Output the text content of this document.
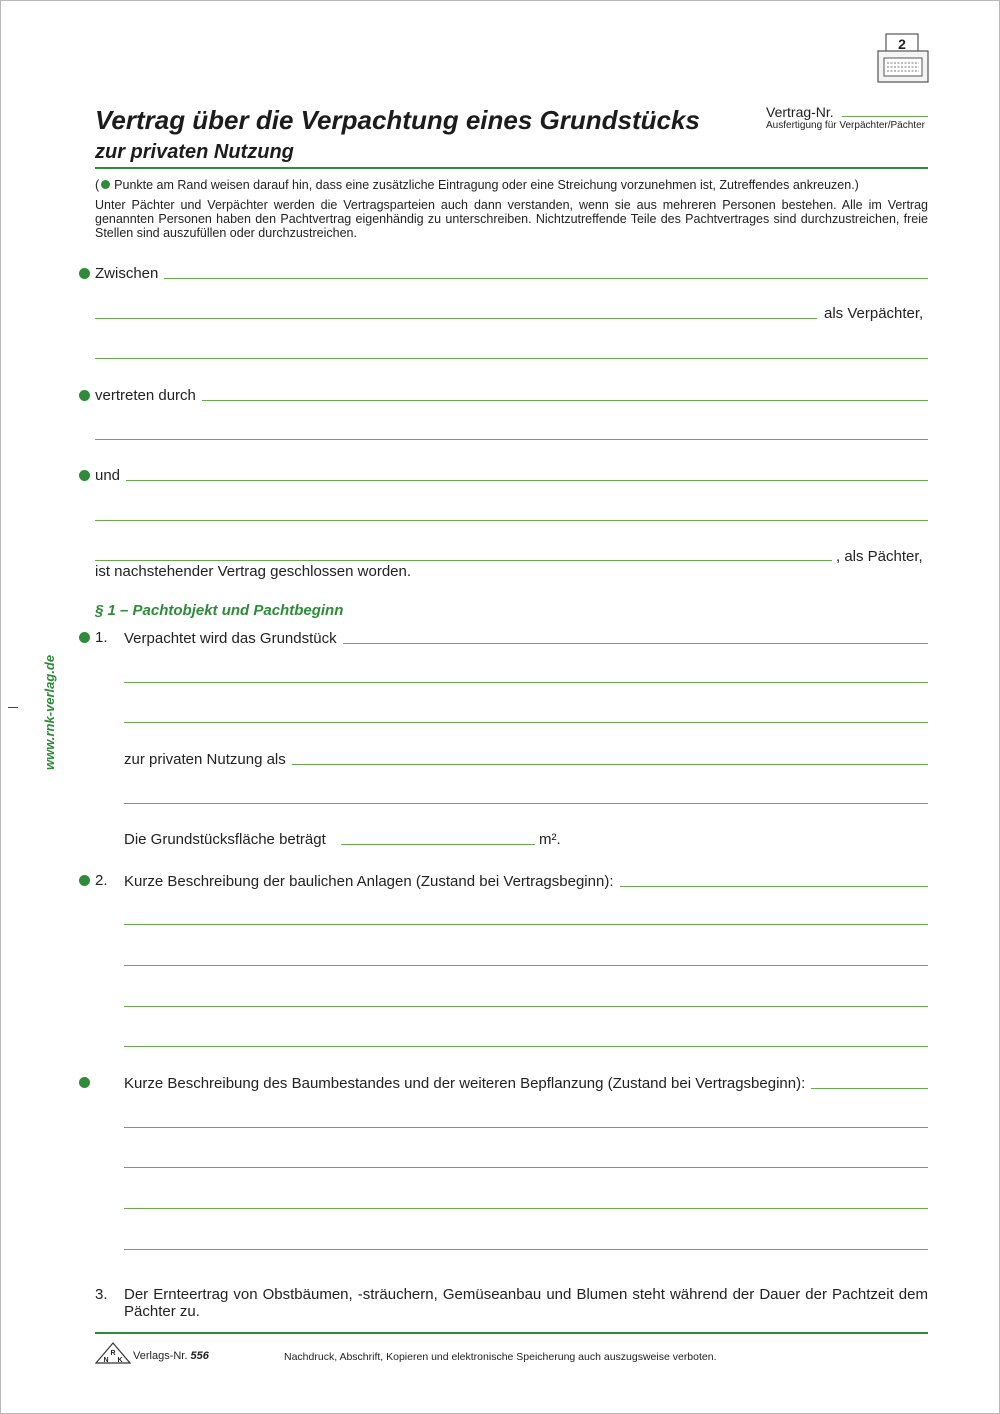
2
Vertrag-Nr.
Ausfertigung für Verpächter/Pächter
Vertrag über die Verpachtung eines Grundstücks
zur privaten Nutzung
( Punkte am Rand weisen darauf hin, dass eine zusätzliche Eintragung oder eine Streichung vorzunehmen ist, Zutreffendes ankreuzen.)
Unter Pächter und Verpächter werden die Vertragsparteien auch dann verstanden, wenn sie aus mehreren Personen bestehen. Alle im Vertrag genannten Personen haben den Pachtvertrag eigenhändig zu unterschreiben. Nichtzutreffende Teile des Pachtvertrages sind durchzustreichen, freie Stellen sind auszufüllen oder durchzustreichen.
Zwischen
als Verpächter,
vertreten durch
und
, als Pächter,
ist nachstehender Vertrag geschlossen worden.
§ 1 – Pachtobjekt und Pachtbeginn
1. Verpachtet wird das Grundstück
zur privaten Nutzung als
Die Grundstücksfläche beträgt	m².
2. Kurze Beschreibung der baulichen Anlagen (Zustand bei Vertragsbeginn):
Kurze Beschreibung des Baumbestandes und der weiteren Bepflanzung (Zustand bei Vertragsbeginn):
3. Der Ernteertrag von Obstbäumen, -sträuchern, Gemüseanbau und Blumen steht während der Dauer der Pachtzeit dem Pächter zu.
www.rnk-verlag.de
R
N K Verlags-Nr. 556	Nachdruck, Abschrift, Kopieren und elektronische Speicherung auch auszugsweise verboten.
